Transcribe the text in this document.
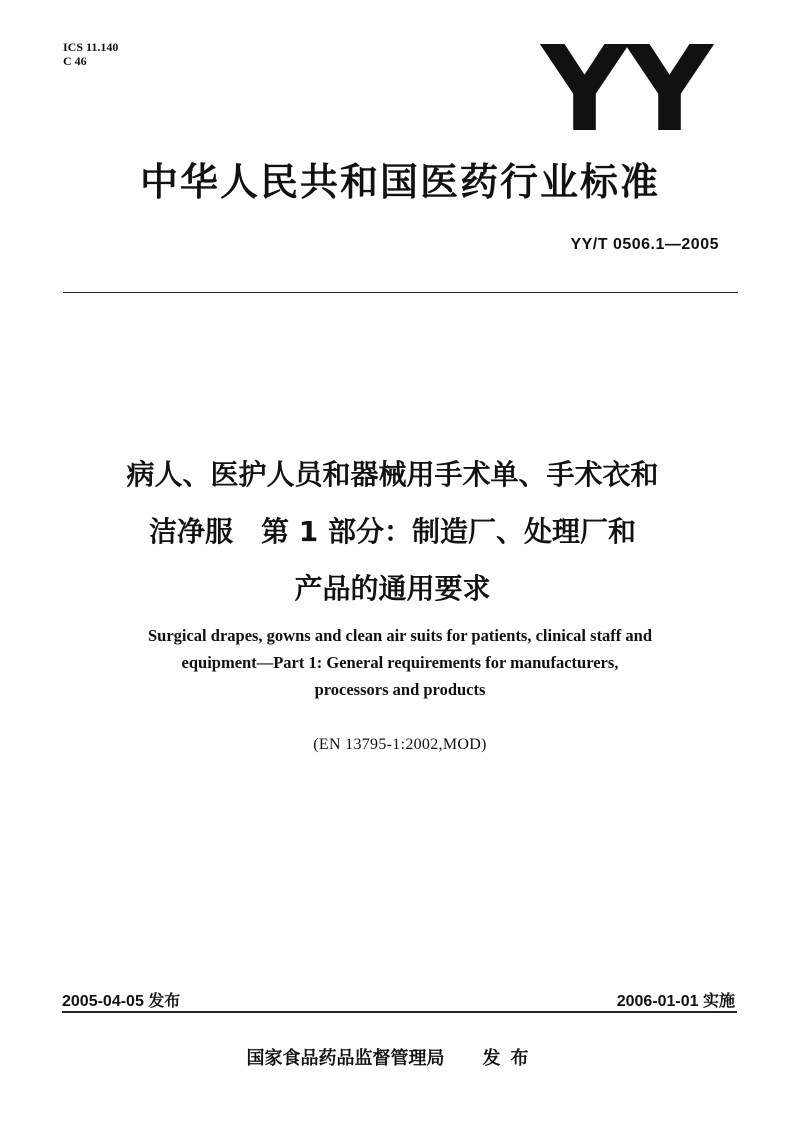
ICS 11.140
C 46	YY
中华人民共和国医药行业标准
YY/T 0506.1—2005
病人、医护人员和器械用手术单、手术衣和
洁净服　第 1 部分：制造厂、处理厂和
产品的通用要求
Surgical drapes, gowns and clean air suits for patients, clinical staff and
equipment—Part 1: General requirements for manufacturers,
processors and products
(EN 13795-1:2002,MOD)
2005-04-05 发布	2006-01-01 实施
国家食品药品监督管理局 发布
